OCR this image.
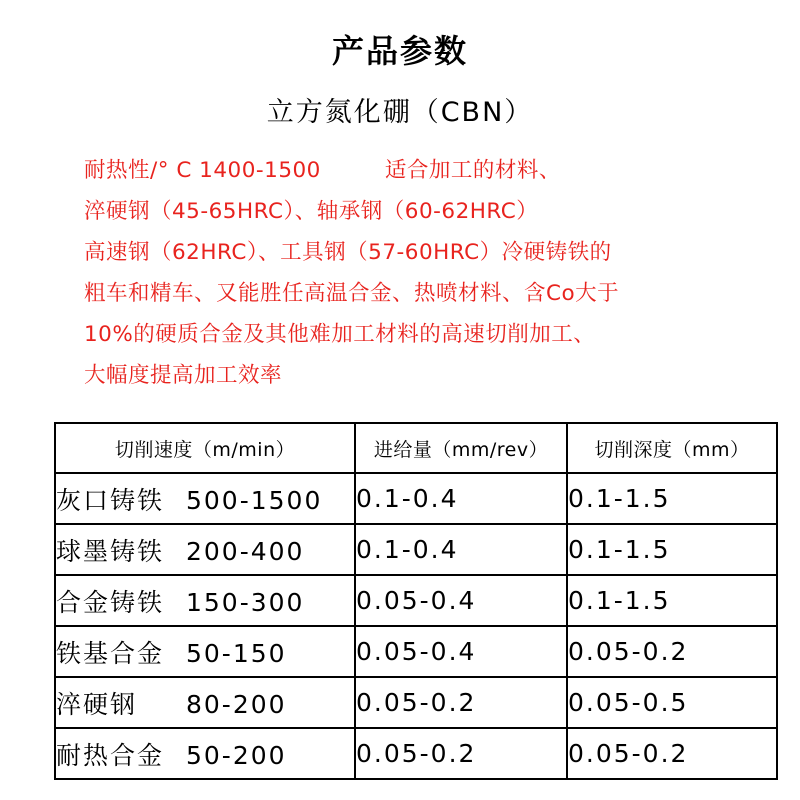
产品参数
立方氮化硼（CBN）
耐热性/° C 1400-1500	适合加工的材料、
淬硬钢（45-65HRC）、轴承钢（60-62HRC）
高速钢（62HRC）、工具钢（57-60HRC）冷硬铸铁的
粗车和精车、又能胜任高温合金、热喷材料、含Co大于
10%的硬质合金及其他难加工材料的高速切削加工、
大幅度提高加工效率
切削速度（m/min）	进给量（mm/rev）	切削深度（mm）
灰口铸铁 500-1500	0.1-0.4	0.1-1.5
球墨铸铁 200-400	0.1-0.4	0.1-1.5
合金铸铁 150-300	0.05-0.4	0.1-1.5
铁基合金 50-150	0.05-0.4	0.05-0.2
淬硬钢 80-200	0.05-0.2	0.05-0.5
耐热合金 50-200	0.05-0.2	0.05-0.2
